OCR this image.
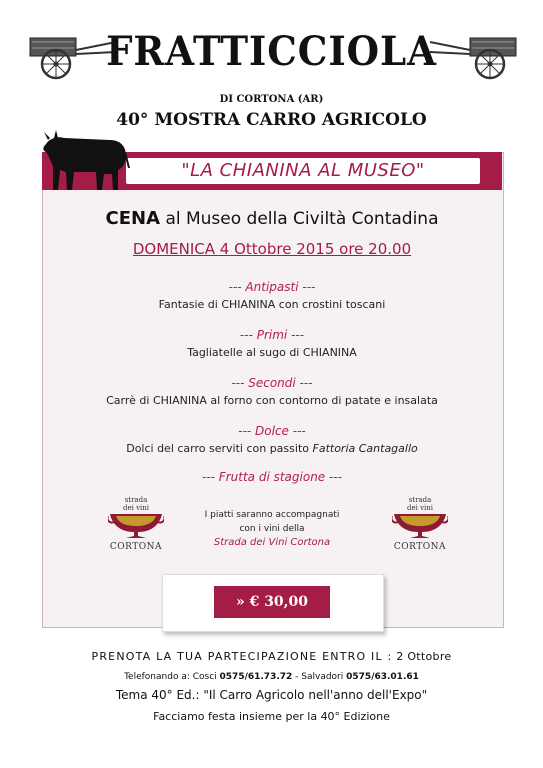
FRATTICCIOLA
DI CORTONA (AR)
40° MOSTRA CARRO AGRICOLO
"LA CHIANINA AL MUSEO"
CENA al Museo della Civiltà Contadina
DOMENICA 4 Ottobre 2015 ore 20.00
--- Antipasti ---
Fantasie di CHIANINA con crostini toscani
--- Primi ---
Tagliatelle al sugo di CHIANINA
--- Secondi ---
Carrè di CHIANINA al forno con contorno di patate e insalata
--- Dolce ---
Dolci del carro serviti con passito Fattoria Cantagallo
--- Frutta di stagione ---
strada
dei vini
CORTONA
I piatti saranno accompagnati
con i vini della
Strada dei Vini Cortona
strada
dei vini
CORTONA
» € 30,00
PRENOTA LA TUA PARTECIPAZIONE ENTRO IL : 2 Ottobre
Telefonando a: Cosci 0575/61.73.72 - Salvadori 0575/63.01.61
Tema 40° Ed.: "Il Carro Agricolo nell'anno dell'Expo"
Facciamo festa insieme per la 40° Edizione
